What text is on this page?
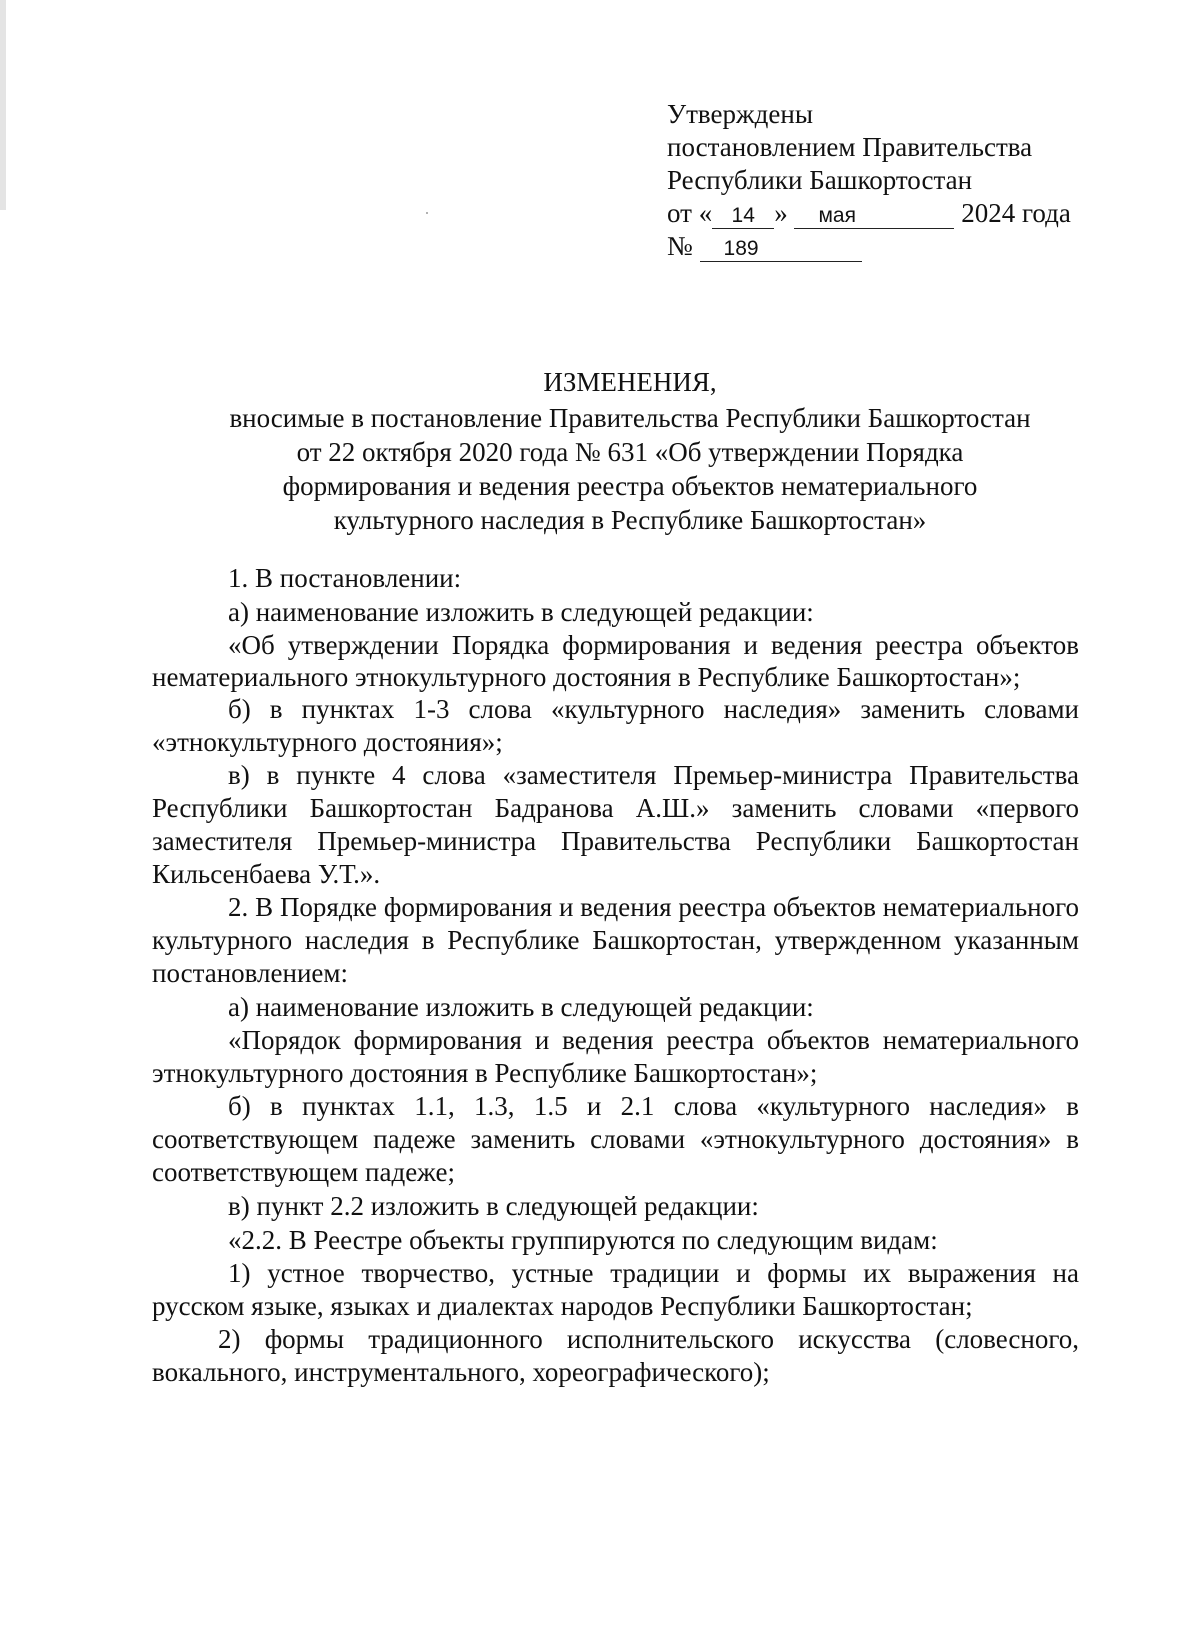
Утверждены
постановлением Правительства
Республики Башкортостан
от « 14 » мая	2024 года
№ 189
ИЗМЕНЕНИЯ,
вносимые в постановление Правительства Республики Башкортостан
от 22 октября 2020 года № 631 «Об утверждении Порядка
формирования и ведения реестра объектов нематериального
культурного наследия в Республике Башкортостан»

1. В постановлении:

а) наименование изложить в следующей редакции:

«Об утверждении Порядка формирования и ведения реестра объектов нематериального этнокультурного достояния в Республике Башкортостан»;

б) в пунктах 1-3 слова «культурного наследия» заменить словами «этнокультурного достояния»;

в) в пункте 4 слова «заместителя Премьер-министра Правительства Республики Башкортостан Бадранова А.Ш.» заменить словами «первого заместителя Премьер-министра Правительства Республики Башкортостан Кильсенбаева У.Т.».

2. В Порядке формирования и ведения реестра объектов нематериального культурного наследия в Республике Башкортостан, утвержденном указанным постановлением:

а) наименование изложить в следующей редакции:

«Порядок формирования и ведения реестра объектов нематериального этнокультурного достояния в Республике Башкортостан»;

б) в пунктах 1.1, 1.3, 1.5 и 2.1 слова «культурного наследия» в соответствующем падеже заменить словами «этнокультурного достояния» в соответствующем падеже;

в) пункт 2.2 изложить в следующей редакции:

«2.2. В Реестре объекты группируются по следующим видам:

1) устное творчество, устные традиции и формы их выражения на русском языке, языках и диалектах народов Республики Башкортостан;

2) формы традиционного исполнительского искусства (словесного, вокального, инструментального, хореографического);
